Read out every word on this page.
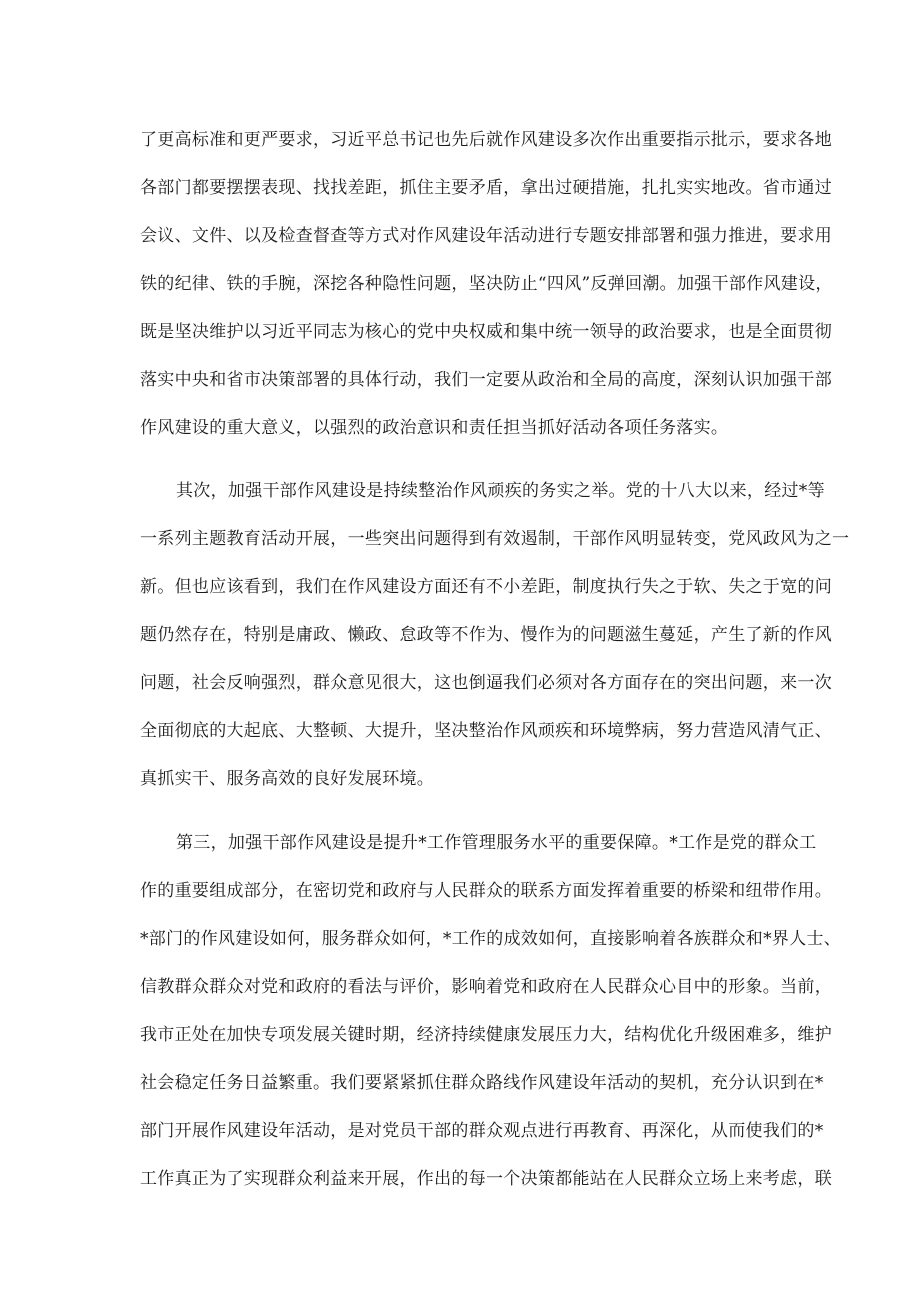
了更高标准和更严要求，习近平总书记也先后就作风建设多次作出重要指示批示，要求各地
各部门都要摆摆表现、找找差距，抓住主要矛盾，拿出过硬措施，扎扎实实地改。省市通过
会议、文件、以及检查督查等方式对作风建设年活动进行专题安排部署和强力推进，要求用
铁的纪律、铁的手腕，深挖各种隐性问题，坚决防止“四风”反弹回潮。加强干部作风建设，
既是坚决维护以习近平同志为核心的党中央权威和集中统一领导的政治要求，也是全面贯彻
落实中央和省市决策部署的具体行动，我们一定要从政治和全局的高度，深刻认识加强干部
作风建设的重大意义，以强烈的政治意识和责任担当抓好活动各项任务落实。
其次，加强干部作风建设是持续整治作风顽疾的务实之举。党的十八大以来，经过*等
一系列主题教育活动开展，一些突出问题得到有效遏制，干部作风明显转变，党风政风为之一
新。但也应该看到，我们在作风建设方面还有不小差距，制度执行失之于软、失之于宽的问
题仍然存在，特别是庸政、懒政、怠政等不作为、慢作为的问题滋生蔓延，产生了新的作风
问题，社会反响强烈，群众意见很大，这也倒逼我们必须对各方面存在的突出问题，来一次
全面彻底的大起底、大整顿、大提升，坚决整治作风顽疾和环境弊病，努力营造风清气正、
真抓实干、服务高效的良好发展环境。
第三，加强干部作风建设是提升*工作管理服务水平的重要保障。*工作是党的群众工
作的重要组成部分，在密切党和政府与人民群众的联系方面发挥着重要的桥梁和纽带作用。
*部门的作风建设如何，服务群众如何，*工作的成效如何，直接影响着各族群众和*界人士、
信教群众群众对党和政府的看法与评价，影响着党和政府在人民群众心目中的形象。当前，
我市正处在加快专项发展关键时期，经济持续健康发展压力大，结构优化升级困难多，维护
社会稳定任务日益繁重。我们要紧紧抓住群众路线作风建设年活动的契机，充分认识到在*
部门开展作风建设年活动，是对党员干部的群众观点进行再教育、再深化，从而使我们的*
工作真正为了实现群众利益来开展，作出的每一个决策都能站在人民群众立场上来考虑，联
